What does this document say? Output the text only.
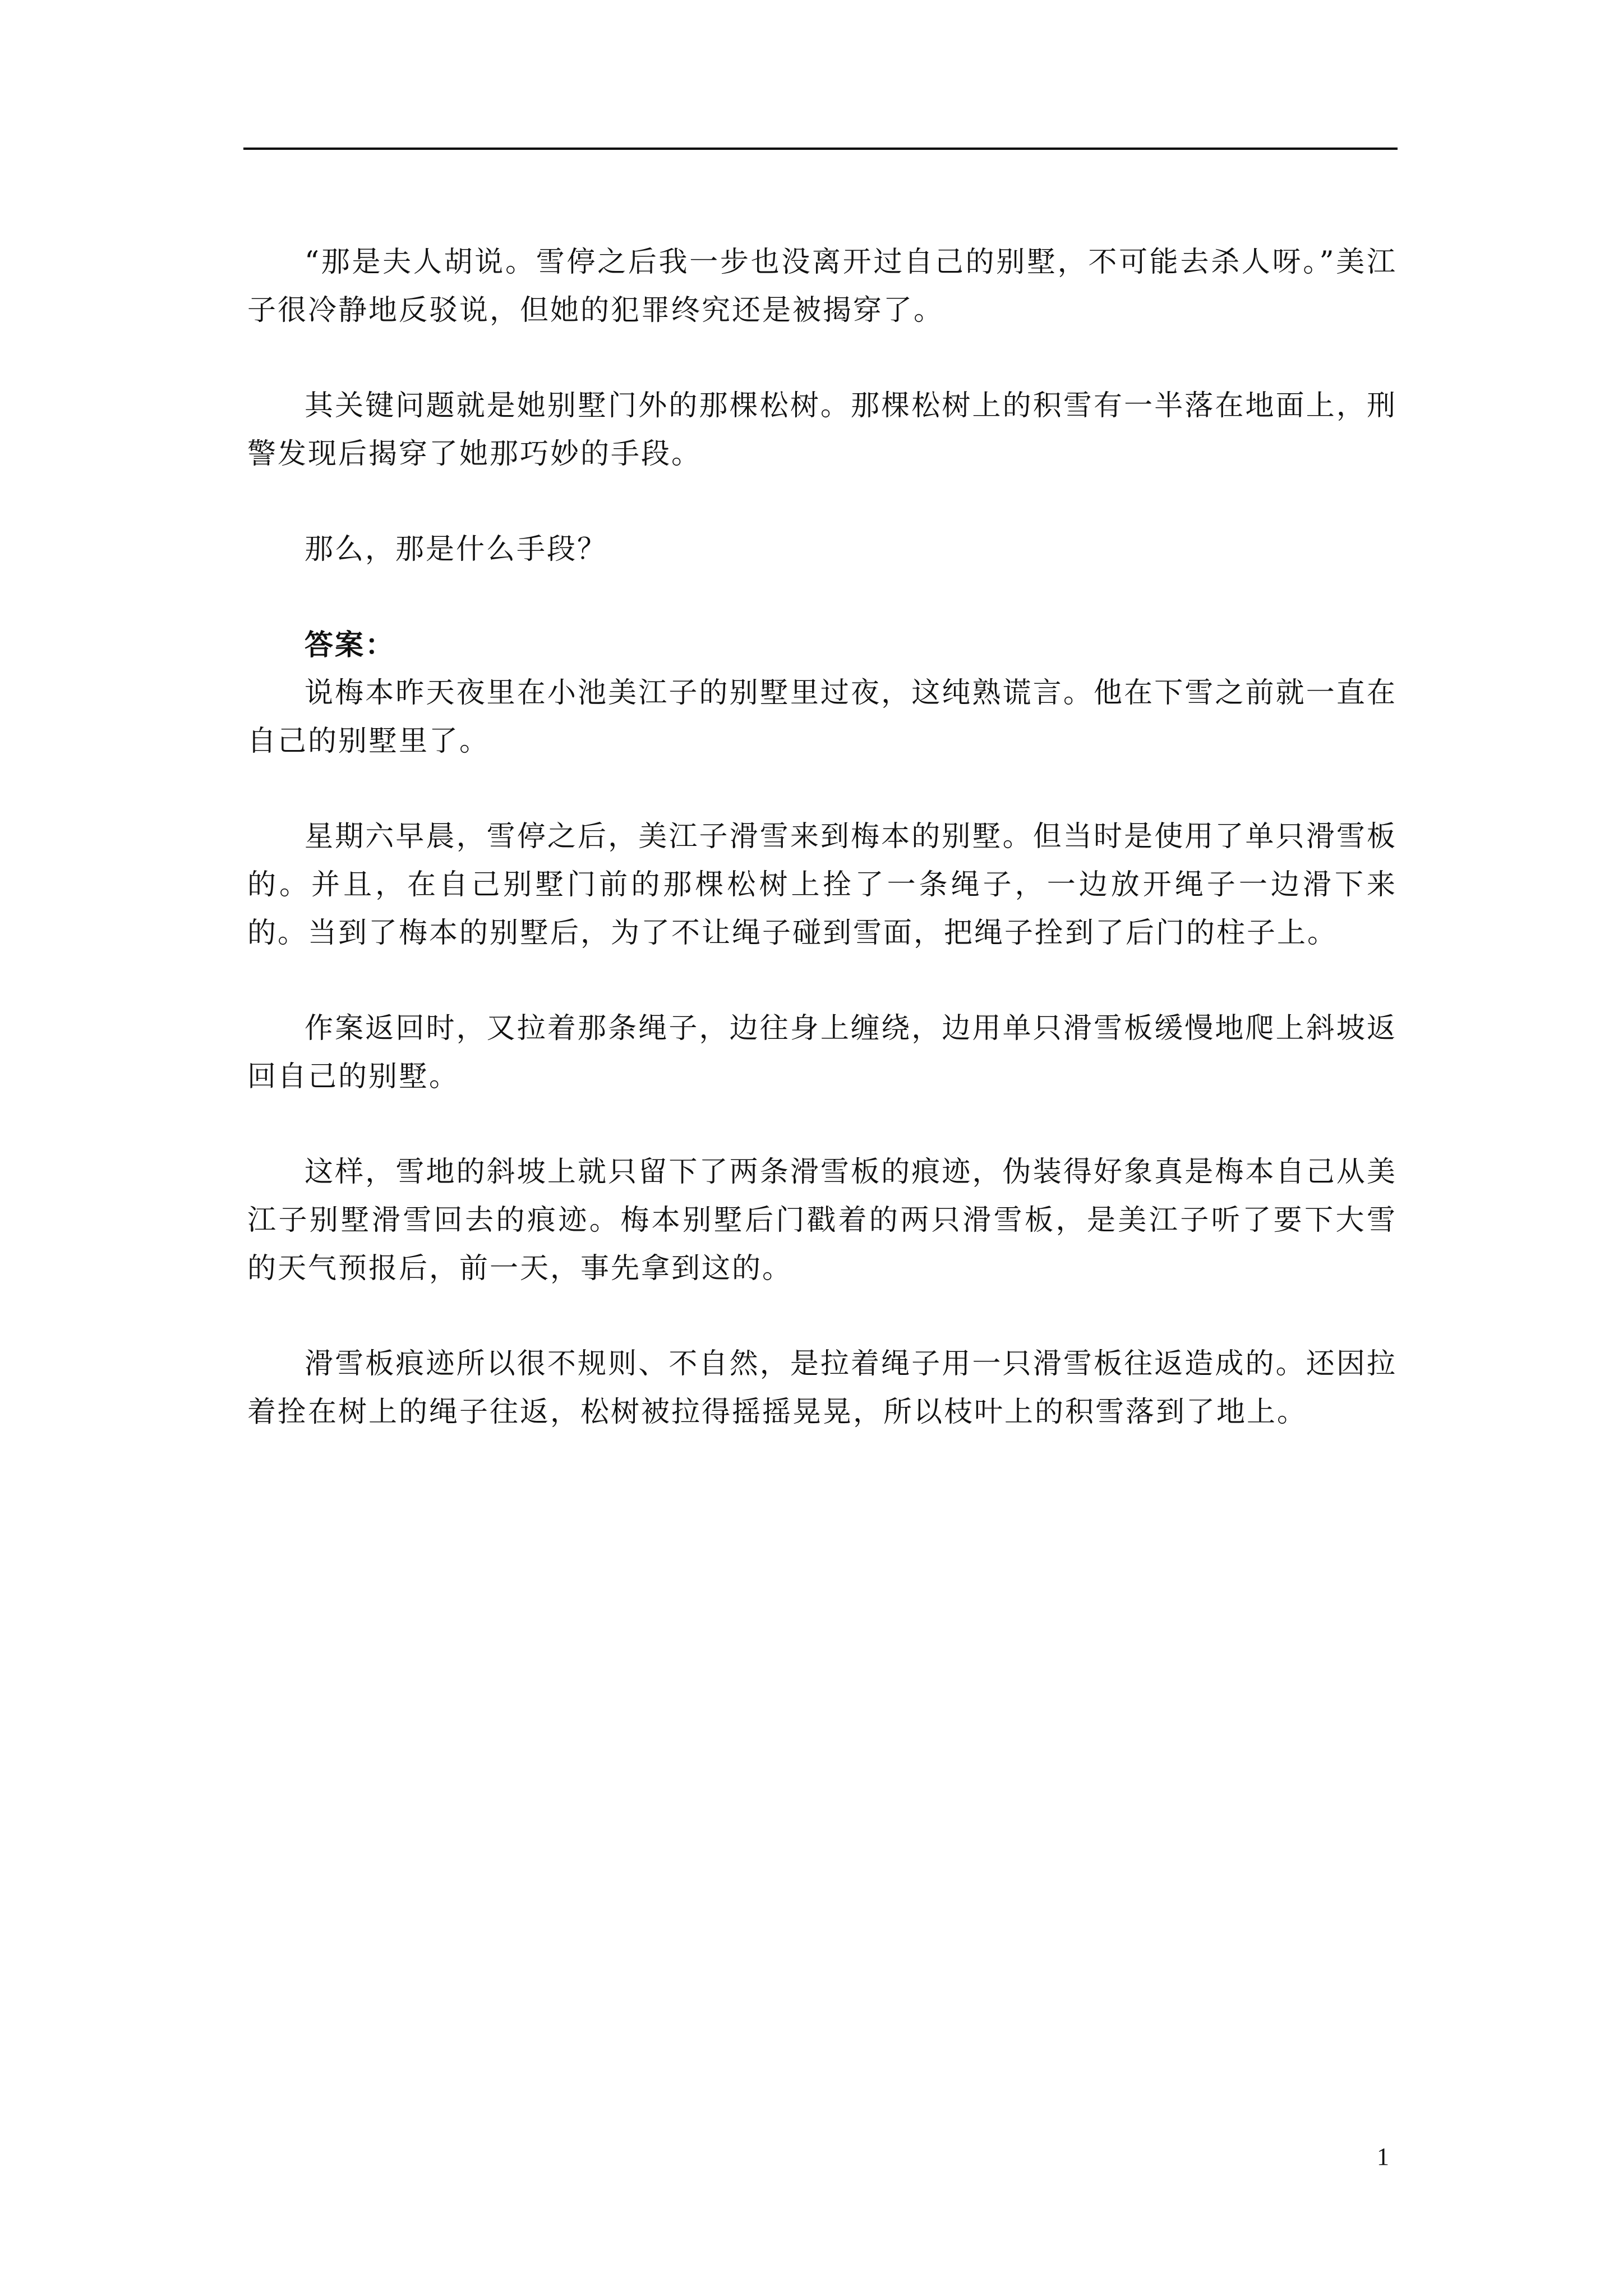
“那是夫人胡说。雪停之后我一步也没离开过自己的别墅，不可能去杀人呀。”美江子很冷静地反驳说，但她的犯罪终究还是被揭穿了。

其关键问题就是她别墅门外的那棵松树。那棵松树上的积雪有一半落在地面上，刑警发现后揭穿了她那巧妙的手段。

那么，那是什么手段？

答案：

说梅本昨天夜里在小池美江子的别墅里过夜，这纯熟谎言。他在下雪之前就一直在自己的别墅里了。

星期六早晨，雪停之后，美江子滑雪来到梅本的别墅。但当时是使用了单只滑雪板的。并且，在自己别墅门前的那棵松树上拴了一条绳子，一边放开绳子一边滑下来的。当到了梅本的别墅后，为了不让绳子碰到雪面，把绳子拴到了后门的柱子上。

作案返回时，又拉着那条绳子，边往身上缠绕，边用单只滑雪板缓慢地爬上斜坡返回自己的别墅。

这样，雪地的斜坡上就只留下了两条滑雪板的痕迹，伪装得好象真是梅本自己从美江子别墅滑雪回去的痕迹。梅本别墅后门戳着的两只滑雪板，是美江子听了要下大雪的天气预报后，前一天，事先拿到这的。

滑雪板痕迹所以很不规则、不自然，是拉着绳子用一只滑雪板往返造成的。还因拉着拴在树上的绳子往返，松树被拉得摇摇晃晃，所以枝叶上的积雪落到了地上。

1
